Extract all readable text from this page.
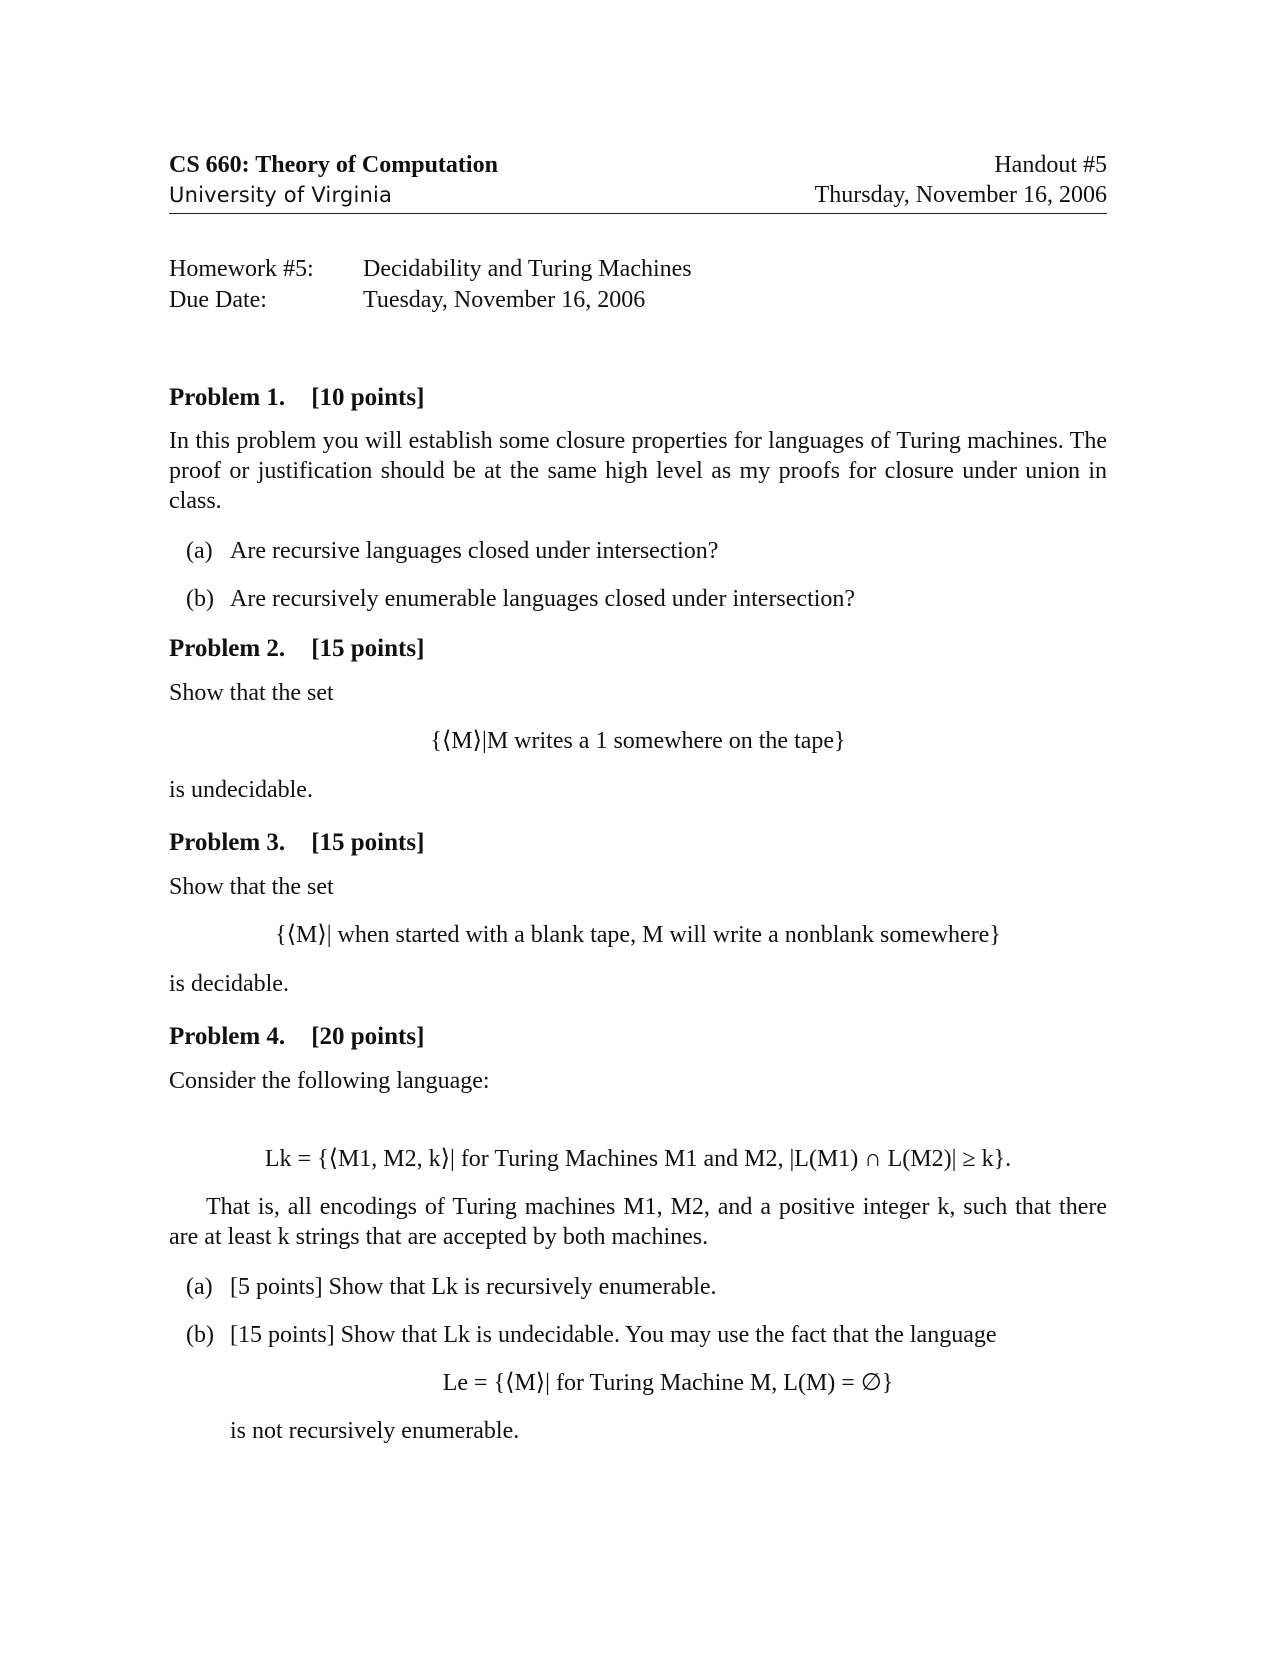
CS 660: Theory of Computation
University of Virginia
Handout #5
Thursday, November 16, 2006
Homework #5:	Decidability and Turing Machines
Due Date:	Tuesday, November 16, 2006
Problem 1. [10 points]

In this problem you will establish some closure properties for languages of Turing machines. The proof or justification should be at the same high level as my proofs for closure under union in class.

(a) Are recursive languages closed under intersection?
(b) Are recursively enumerable languages closed under intersection?
Problem 2. [15 points]

Show that the set

{⟨M⟩|M writes a 1 somewhere on the tape}

is undecidable.

Problem 3. [15 points]

Show that the set

{⟨M⟩| when started with a blank tape, M will write a nonblank somewhere}

is decidable.

Problem 4. [20 points]

Consider the following language:

Lk = {⟨M1, M2, k⟩| for Turing Machines M1 and M2, |L(M1) ∩ L(M2)| ≥ k}.

That is, all encodings of Turing machines M1, M2, and a positive integer k, such that there are at least k strings that are accepted by both machines.

(a) [5 points] Show that Lk is recursively enumerable.
(b) [15 points] Show that Lk is undecidable. You may use the fact that the language
Le = {⟨M⟩| for Turing Machine M, L(M) = ∅}

is not recursively enumerable.
